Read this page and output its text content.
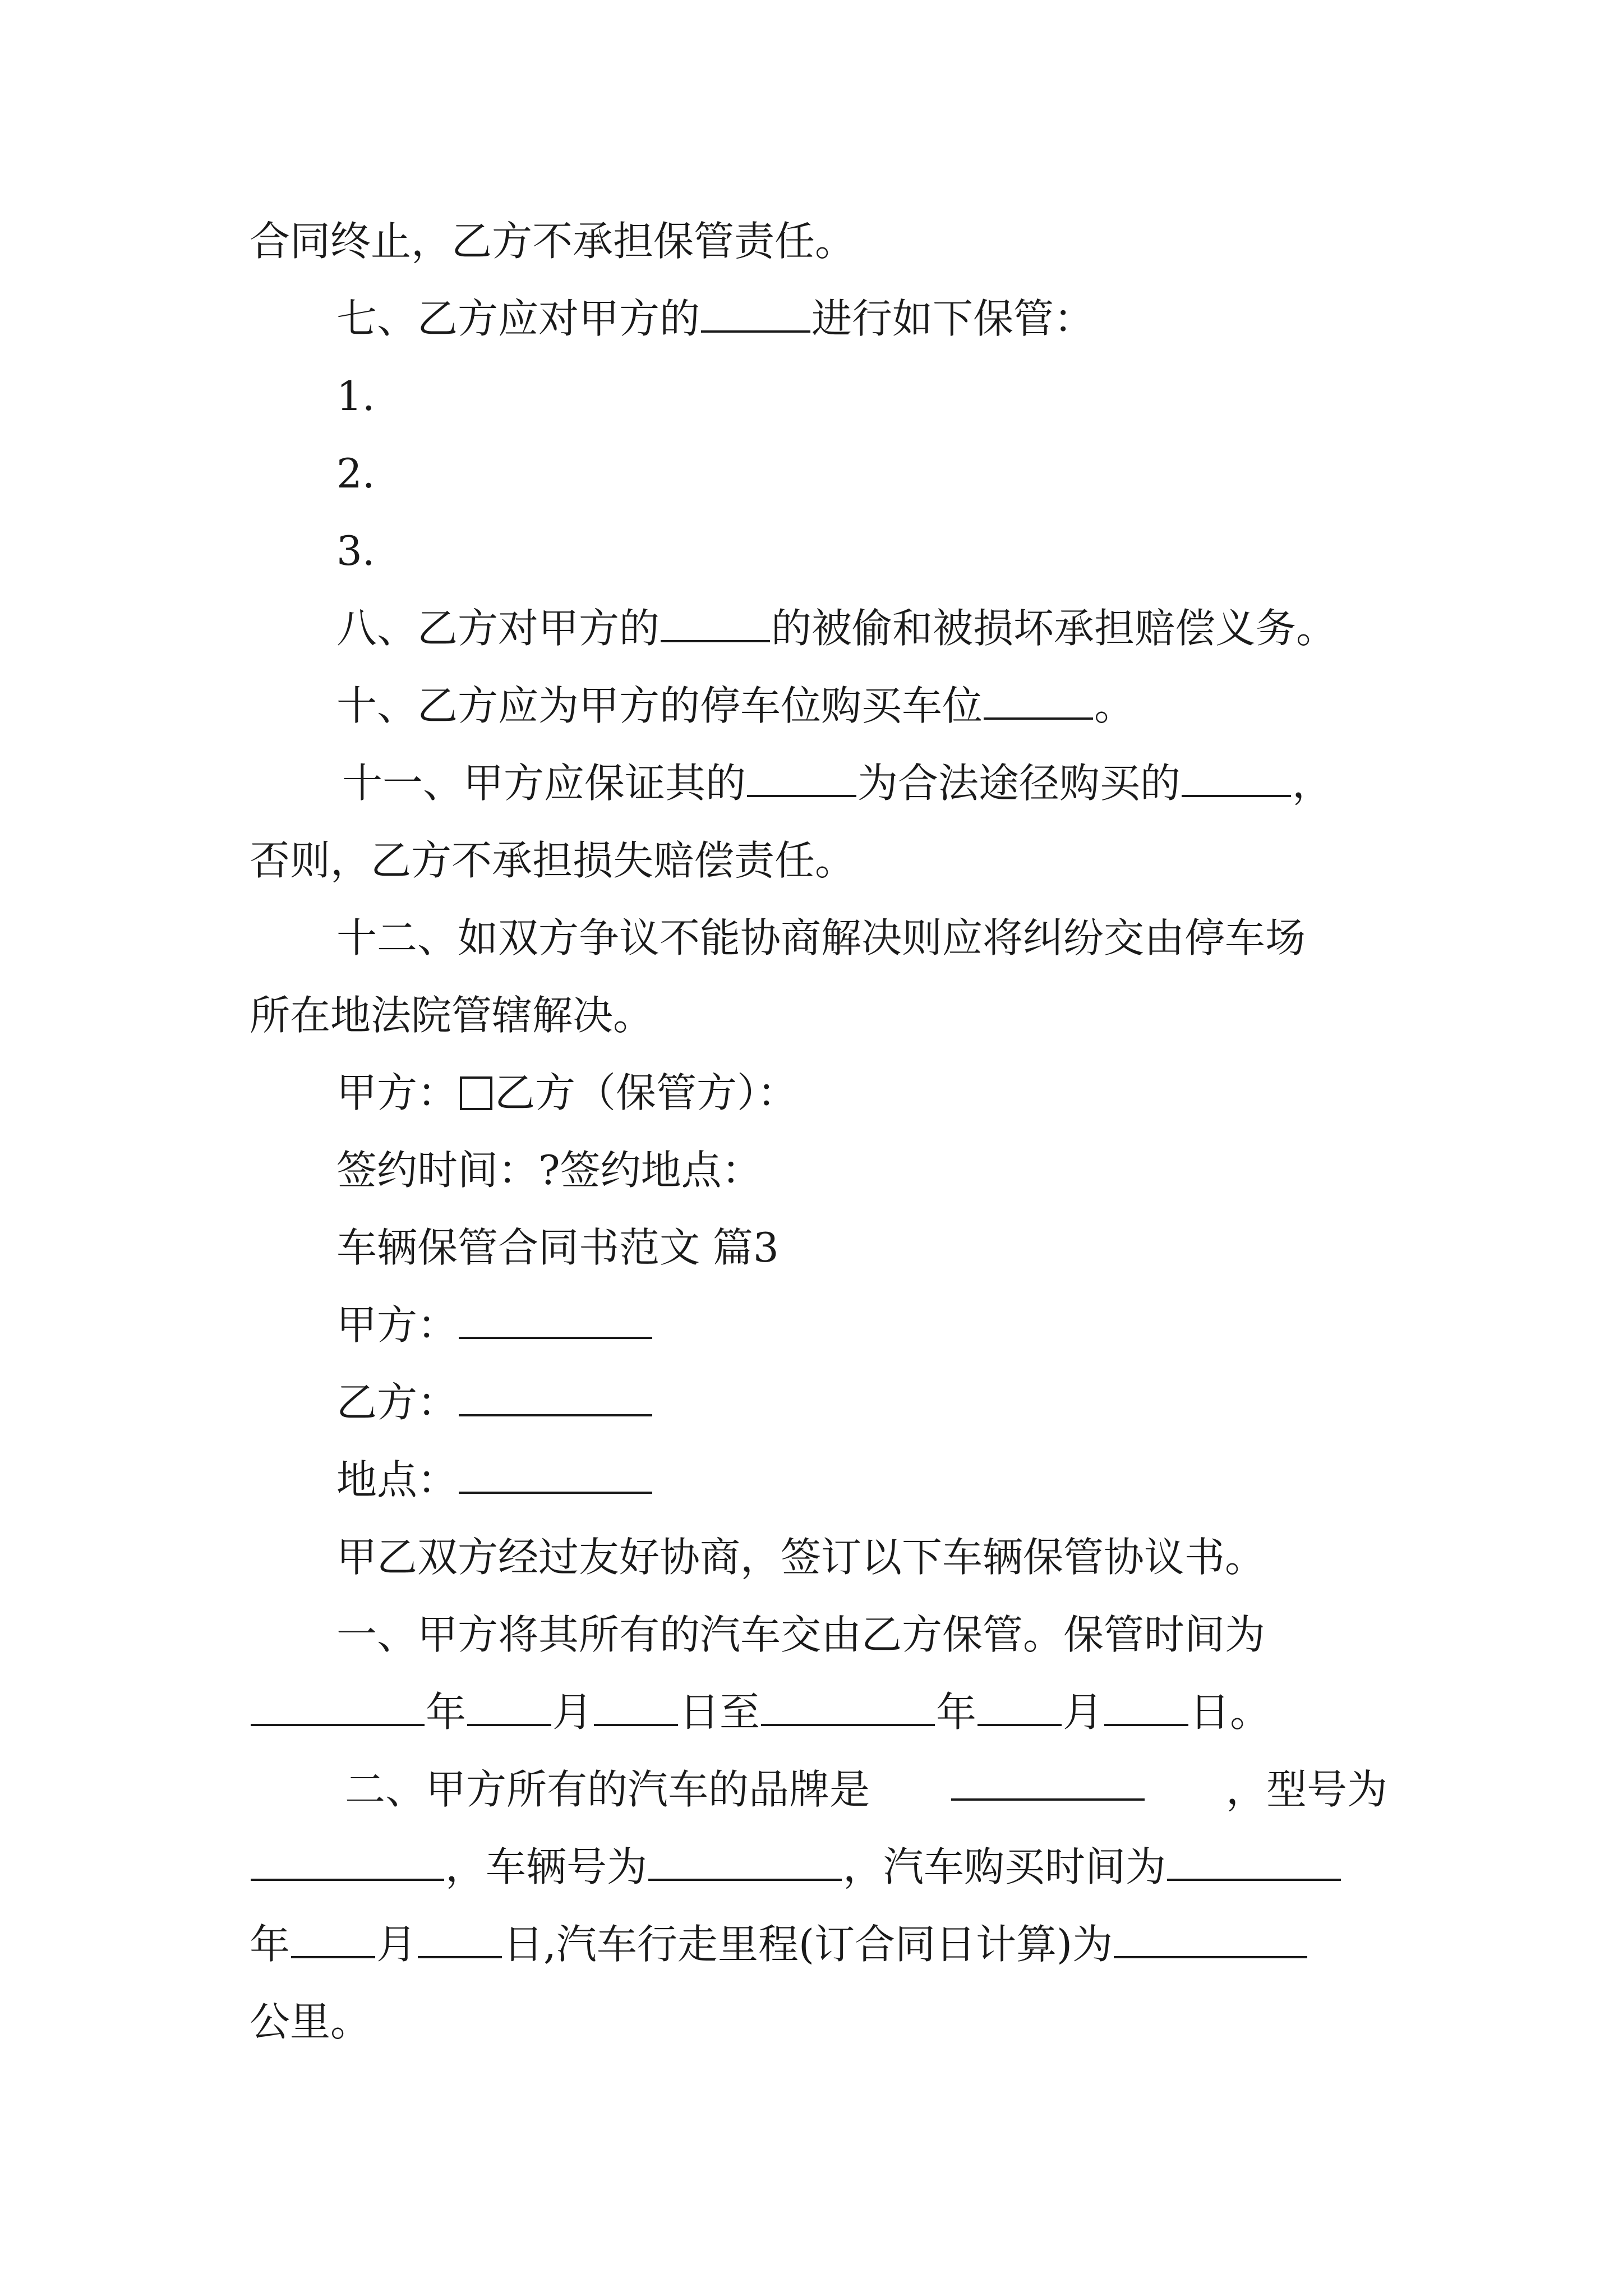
合同终止，乙方不承担保管责任。
七、乙方应对甲方的	进行如下保管：
1.
2.
3.
八、乙方对甲方的	的被偷和被损坏承担赔偿义务。
十、乙方应为甲方的停车位购买车位	。
十一、甲方应保证其的	为合法途径购买的	，
否则，乙方不承担损失赔偿责任。
十二、如双方争议不能协商解决则应将纠纷交由停车场
所在地法院管辖解决。
甲方： 乙方（保管方）：
签约时间：?签约地点：
车辆保管合同书范文 篇3
甲方：
乙方：
地点：
甲乙双方经过友好协商，签订以下车辆保管协议书。
一、甲方将其所有的汽车交由乙方保管。保管时间为
年 月 日至	年 月 日。
二、甲方所有的汽车的品牌是	，型号为
，车辆号为	，汽车购买时间为
年 月 日,汽车行走里程(订合同日计算)为
公里。
